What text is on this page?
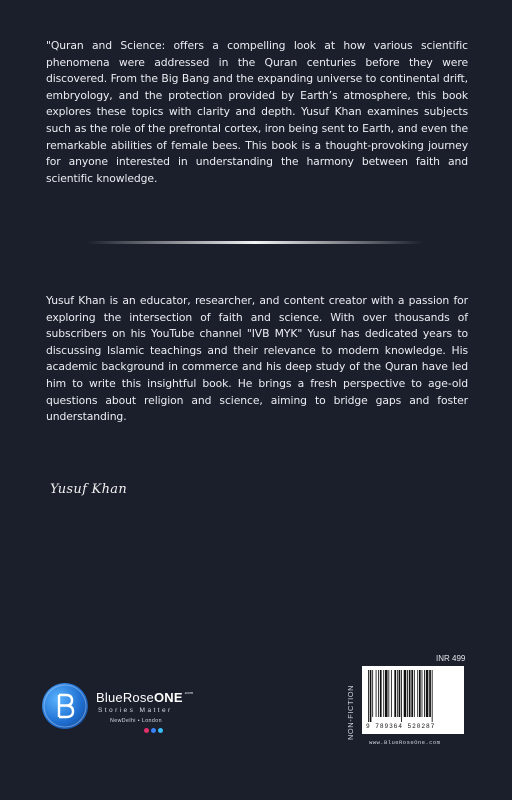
"Quran and Science: offers a compelling look at how various scientific phenomena were addressed in the Quran centuries before they were discovered. From the Big Bang and the expanding universe to continental drift, embryology, and the protection provided by Earth’s atmosphere, this book explores these topics with clarity and depth. Yusuf Khan examines subjects such as the role of the prefrontal cortex, iron being sent to Earth, and even the remarkable abilities of female bees. This book is a thought-provoking journey for anyone interested in understanding the harmony between faith and scientific knowledge.

Yusuf Khan is an educator, researcher, and content creator with a passion for exploring the intersection of faith and science. With over thousands of subscribers on his YouTube channel "IVB MYK" Yusuf has dedicated years to discussing Islamic teachings and their relevance to modern knowledge. His academic background in commerce and his deep study of the Quran have led him to write this insightful book. He brings a fresh perspective to age-old questions about religion and science, aiming to bridge gaps and foster understanding.

Yusuf Khan
BlueRoseONE$^{.com}$
Stories Matter
NewDelhi • London	NON-FICTION
INR 499
9 789364 520287
www.BlueRoseOne.com
